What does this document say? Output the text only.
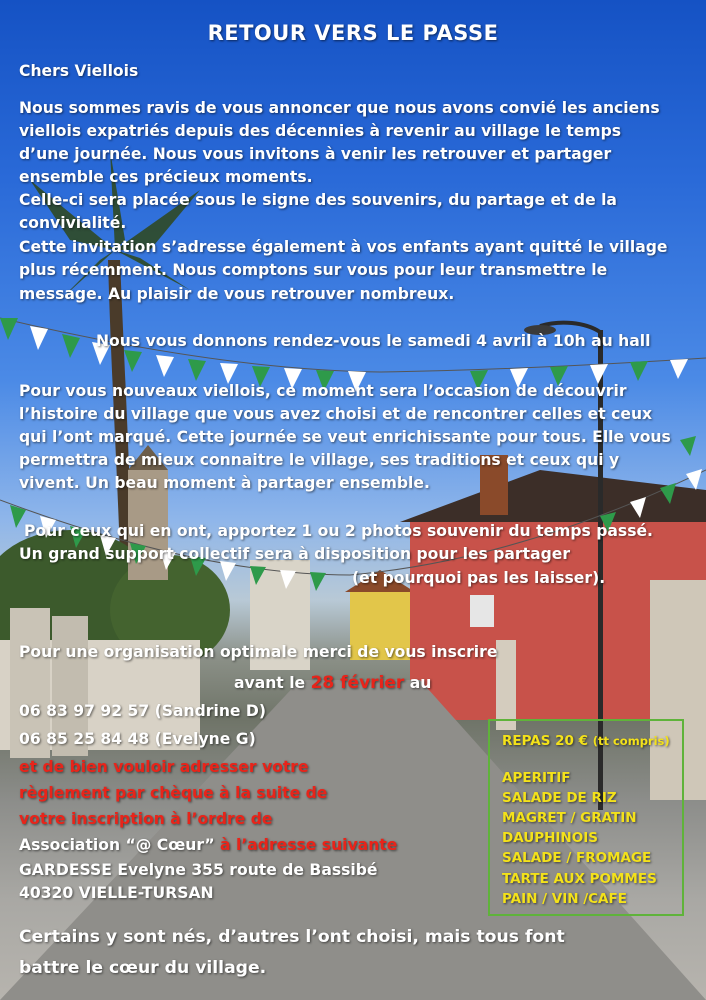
RETOUR VERS LE PASSE
Chers Viellois
Nous sommes ravis de vous annoncer que nous avons convié les anciens
viellois expatriés depuis des décennies à revenir au village le temps
d’une journée. Nous vous invitons à venir les retrouver et partager
ensemble ces précieux moments.
Celle-ci sera placée sous le signe des souvenirs, du partage et de la
convivialité.
Cette invitation s’adresse également à vos enfants ayant quitté le village
plus récemment. Nous comptons sur vous pour leur transmettre le
message. Au plaisir de vous retrouver nombreux.
Nous vous donnons rendez-vous le samedi 4 avril à 10h au hall
Pour vous nouveaux viellois, ce moment sera l’occasion de découvrir
l’histoire du village que vous avez choisi et de rencontrer celles et ceux
qui l’ont marqué. Cette journée se veut enrichissante pour tous. Elle vous
permettra de mieux connaitre le village, ses traditions et ceux qui y
vivent. Un beau moment à partager ensemble.
Pour ceux qui en ont, apportez 1 ou 2 photos souvenir du temps passé.
Un grand support collectif sera à disposition pour les partager
(et pourquoi pas les laisser).
Pour une organisation optimale merci de vous inscrire
avant le 28 février au
06 83 97 92 57 (Sandrine D)
06 85 25 84 48 (Evelyne G)
et de bien vouloir adresser votre
règlement par chèque à la suite de
votre inscription à l’ordre de
Association “@ Cœur” à l’adresse suivante
GARDESSE Evelyne 355 route de Bassibé
40320 VIELLE-TURSAN
REPAS 20 € (tt compris)
APERITIF
SALADE DE RIZ
MAGRET / GRATIN
DAUPHINOIS
SALADE / FROMAGE
TARTE AUX POMMES
PAIN / VIN /CAFE
Certains y sont nés, d’autres l’ont choisi, mais tous font
battre le cœur du village.
